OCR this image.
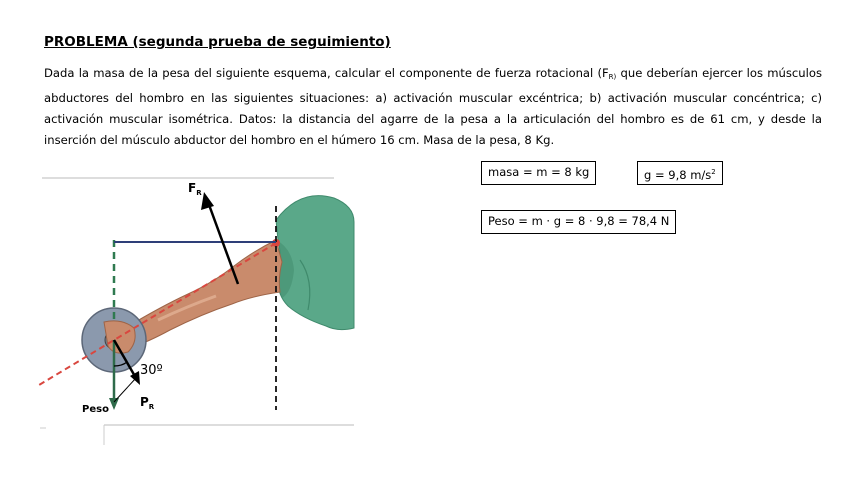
PROBLEMA (segunda prueba de seguimiento)
Dada la masa de la pesa del siguiente esquema, calcular el componente de fuerza rotacional ($F_{R)}$ que deberían ejercer los músculos abductores del hombro en las siguientes situaciones: a) activación muscular excéntrica; b) activación muscular concéntrica; c) activación muscular isométrica. Datos: la distancia del agarre de la pesa a la articulación del hombro es de 61 cm, y desde la inserción del músculo abductor del hombro en el húmero 16 cm. Masa de la pesa, 8 Kg.
masa = m = 8 kg	g = 9,8 $m/s^2$
Peso = m · g = 8 · 9,8 = 78,4 N
$F_R$
Peso
$P_R$
30º
